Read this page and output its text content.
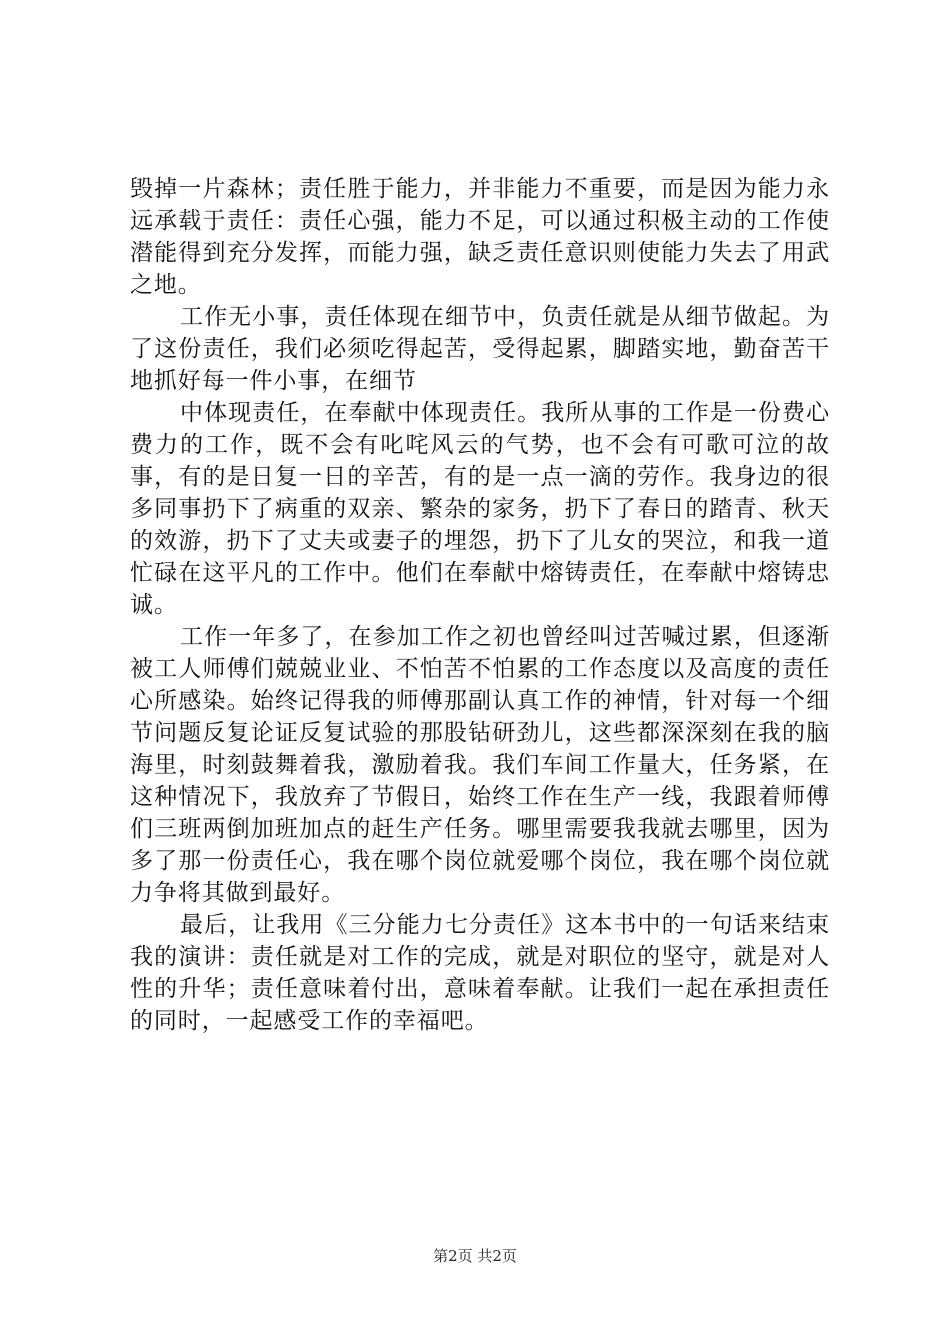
毁掉一片森林；责任胜于能力，并非能力不重要，而是因为能力永远承载于责任：责任心强，能力不足，可以通过积极主动的工作使潜能得到充分发挥，而能力强，缺乏责任意识则使能力失去了用武之地。

工作无小事，责任体现在细节中，负责任就是从细节做起。为了这份责任，我们必须吃得起苦，受得起累，脚踏实地，勤奋苦干地抓好每一件小事，在细节

中体现责任，在奉献中体现责任。我所从事的工作是一份费心费力的工作，既不会有叱咤风云的气势，也不会有可歌可泣的故事，有的是日复一日的辛苦，有的是一点一滴的劳作。我身边的很多同事扔下了病重的双亲、繁杂的家务，扔下了春日的踏青、秋天的效游，扔下了丈夫或妻子的埋怨，扔下了儿女的哭泣，和我一道忙碌在这平凡的工作中。他们在奉献中熔铸责任，在奉献中熔铸忠诚。

工作一年多了，在参加工作之初也曾经叫过苦喊过累，但逐渐被工人师傅们兢兢业业、不怕苦不怕累的工作态度以及高度的责任心所感染。始终记得我的师傅那副认真工作的神情，针对每一个细节问题反复论证反复试验的那股钻研劲儿，这些都深深刻在我的脑海里，时刻鼓舞着我，激励着我。我们车间工作量大，任务紧，在这种情况下，我放弃了节假日，始终工作在生产一线，我跟着师傅们三班两倒加班加点的赶生产任务。哪里需要我我就去哪里，因为多了那一份责任心，我在哪个岗位就爱哪个岗位，我在哪个岗位就力争将其做到最好。

最后，让我用《三分能力七分责任》这本书中的一句话来结束我的演讲：责任就是对工作的完成，就是对职位的坚守，就是对人性的升华；责任意味着付出，意味着奉献。让我们一起在承担责任的同时，一起感受工作的幸福吧。

第2页 共2页
